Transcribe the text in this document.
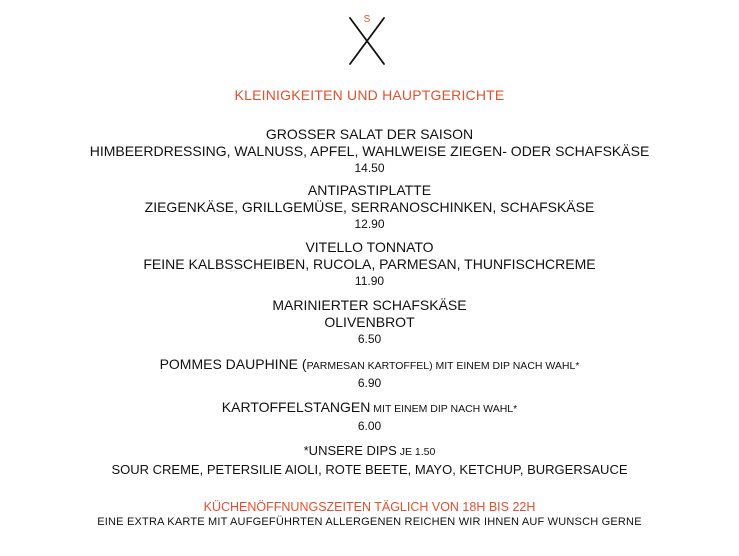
S
KLEINIGKEITEN UND HAUPTGERICHTE
GROSSER SALAT DER SAISON
HIMBEERDRESSING, WALNUSS, APFEL, WAHLWEISE ZIEGEN- ODER SCHAFSKÄSE
14.50
ANTIPASTIPLATTE
ZIEGENKÄSE, GRILLGEMÜSE, SERRANOSCHINKEN, SCHAFSKÄSE
12.90
VITELLO TONNATO
FEINE KALBSSCHEIBEN, RUCOLA, PARMESAN, THUNFISCHCREME
11.90
MARINIERTER SCHAFSKÄSE
OLIVENBROT
6.50
POMMES DAUPHINE (PARMESAN KARTOFFEL) MIT EINEM DIP NACH WAHL*
6.90
KARTOFFELSTANGEN MIT EINEM DIP NACH WAHL*
6.00
*UNSERE DIPS JE 1.50
SOUR CREME, PETERSILIE AIOLI, ROTE BEETE, MAYO, KETCHUP, BURGERSAUCE
KÜCHENÖFFNUNGSZEITEN TÄGLICH VON 18H BIS 22H
EINE EXTRA KARTE MIT AUFGEFÜHRTEN ALLERGENEN REICHEN WIR IHNEN AUF WUNSCH GERNE
